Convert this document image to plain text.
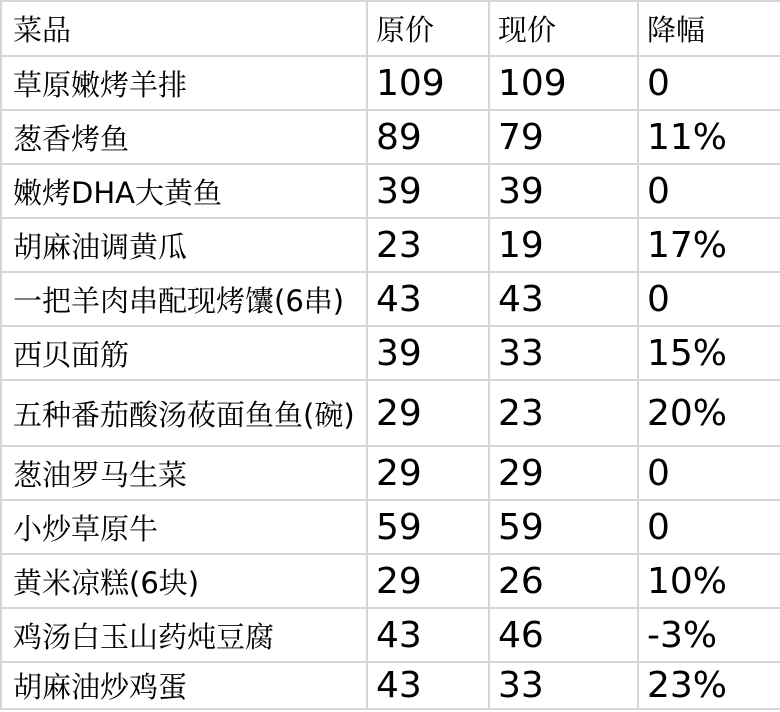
菜品	原价	现价	降幅
草原嫩烤羊排	109	109	0
葱香烤鱼	89	79	11%
嫩烤DHA大黄鱼	39	39	0
胡麻油调黄瓜	23	19	17%
一把羊肉串配现烤馕(6串)	43	43	0
西贝面筋	39	33	15%
五种番茄酸汤莜面鱼鱼(碗)	29	23	20%
葱油罗马生菜	29	29	0
小炒草原牛	59	59	0
黄米凉糕(6块)	29	26	10%
鸡汤白玉山药炖豆腐	43	46	-3%
胡麻油炒鸡蛋	43	33	23%
